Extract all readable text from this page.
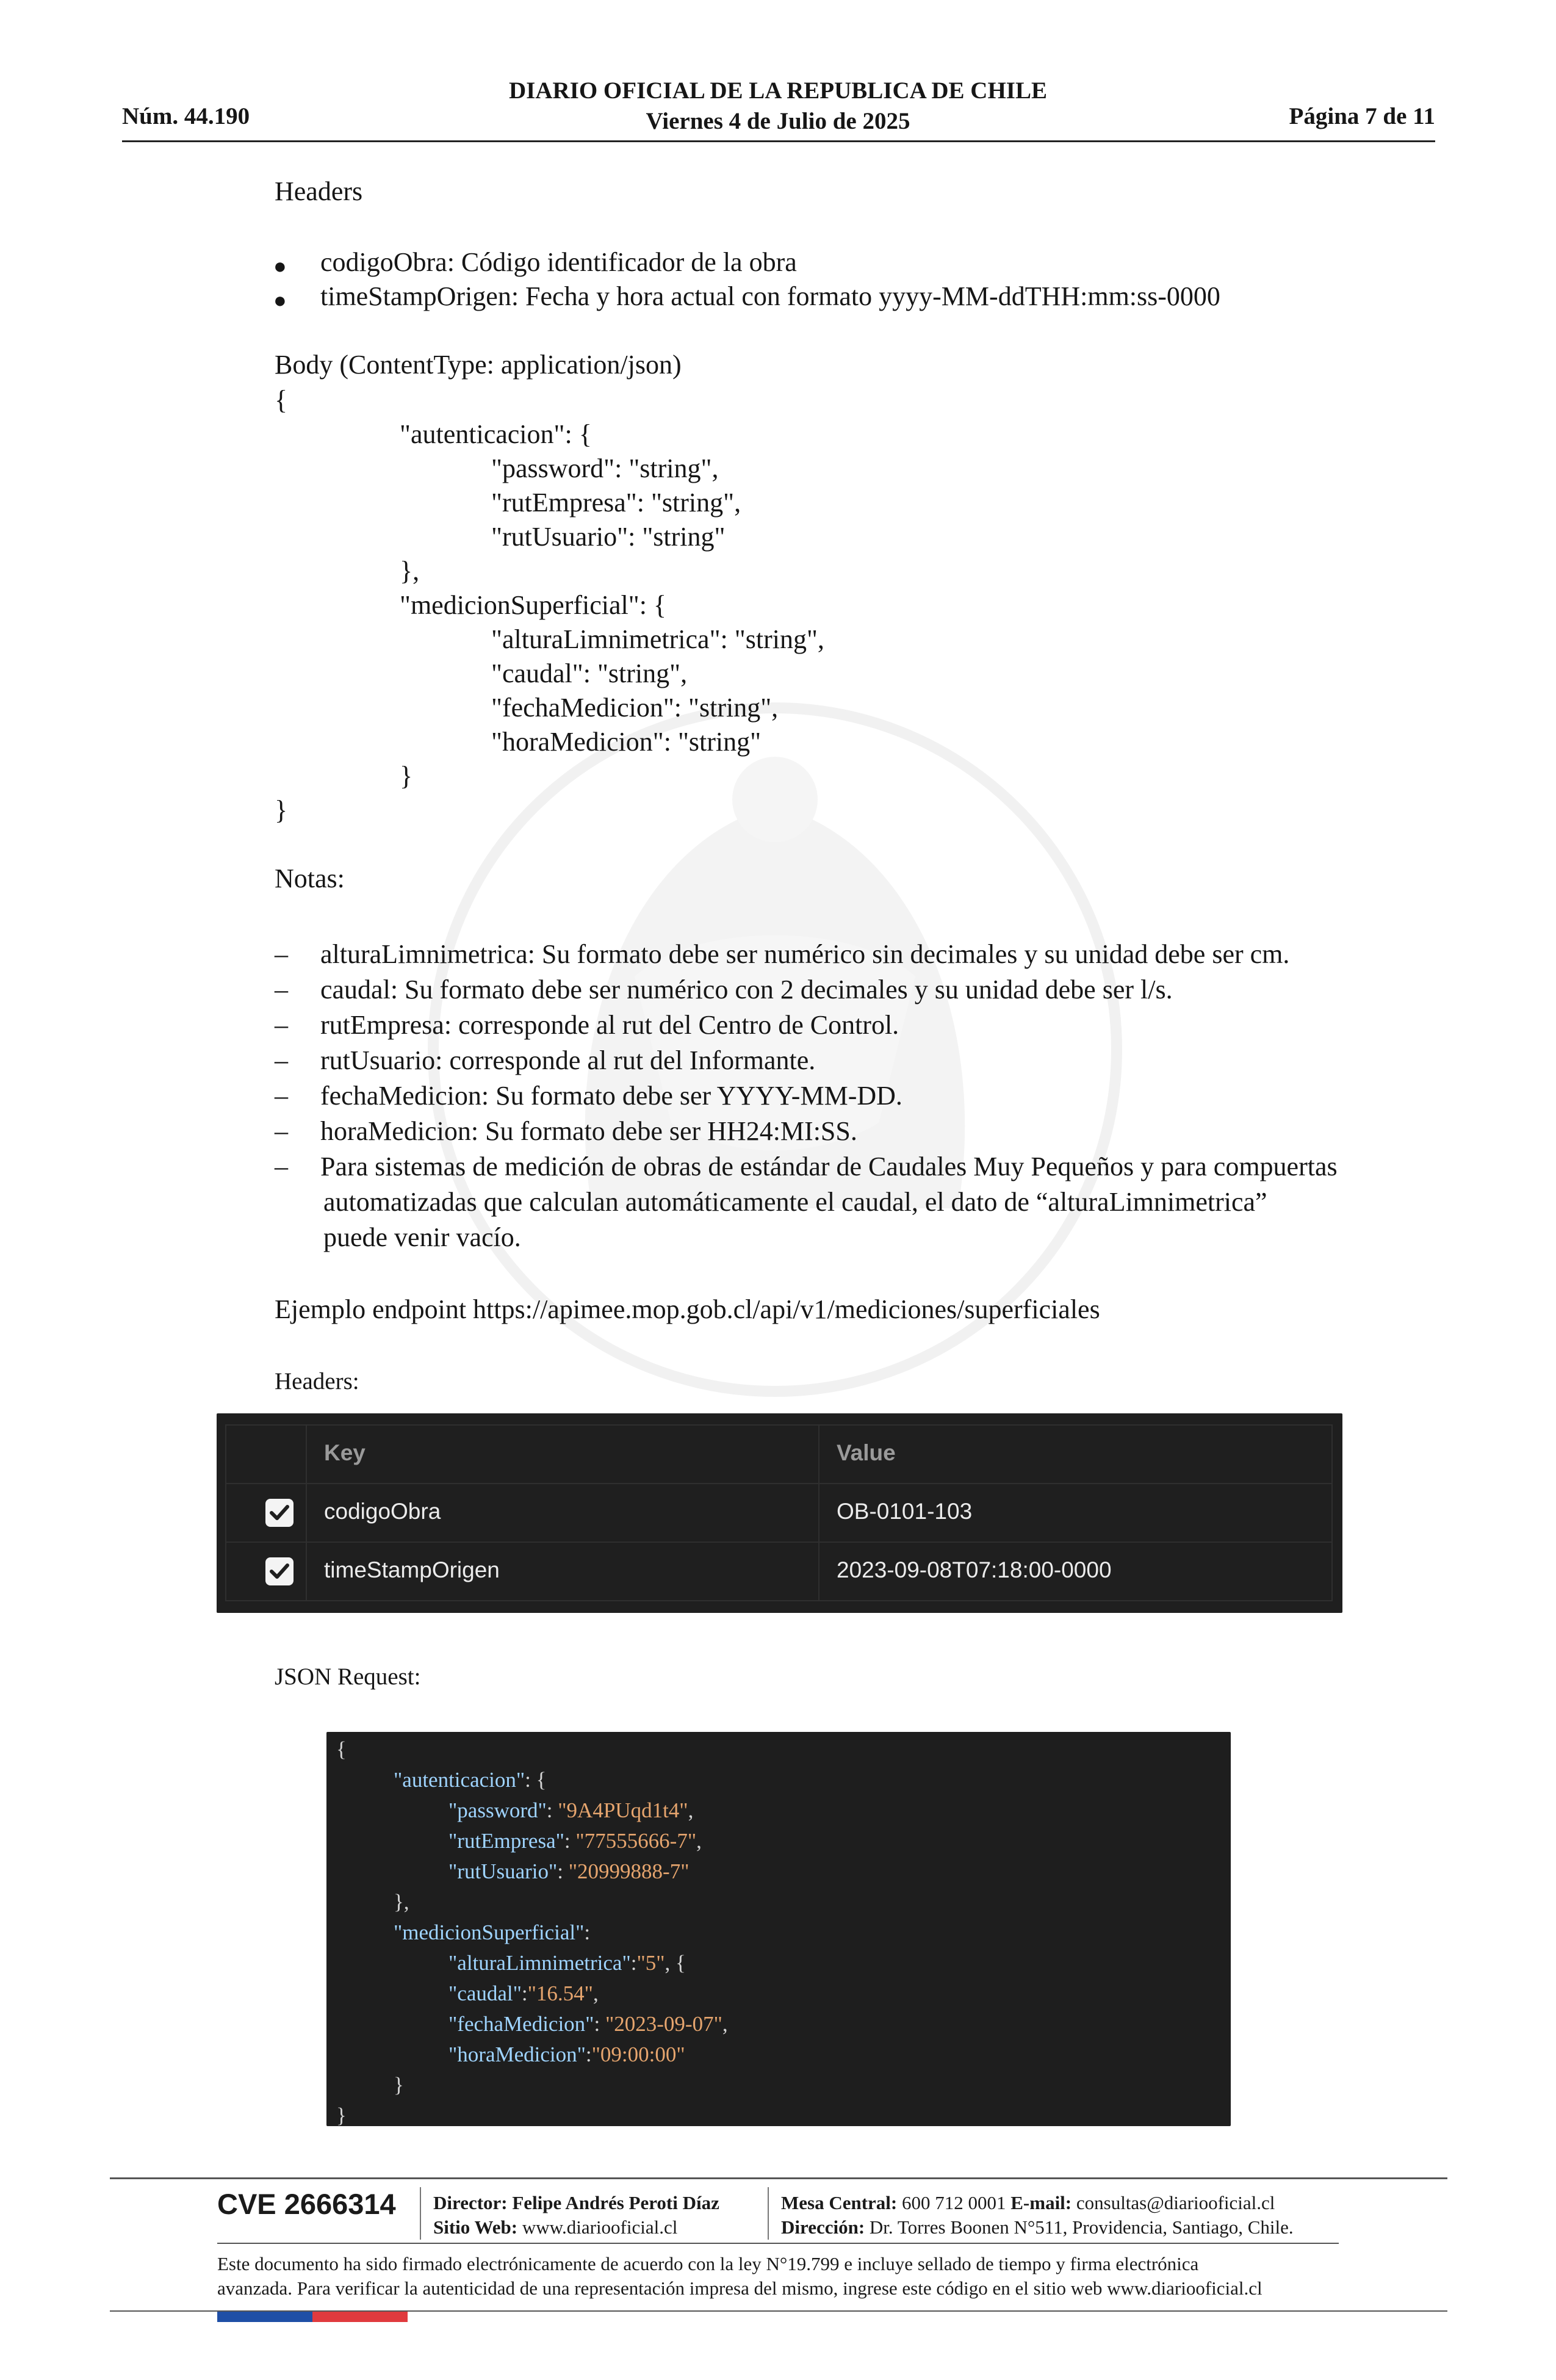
Núm. 44.190
DIARIO OFICIAL DE LA REPUBLICA DE CHILE
Viernes 4 de Julio de 2025	Página 7 de 11
Headers
● codigoObra: Código identificador de la obra
● timeStampOrigen: Fecha y hora actual con formato yyyy-MM-ddTHH:mm:ss-0000
Body (ContentType: application/json)
{
"autenticacion": {
"password": "string",
"rutEmpresa": "string",
"rutUsuario": "string"
},
"medicionSuperficial": {
"alturaLimnimetrica": "string",
"caudal": "string",
"fechaMedicion": "string",
"horaMedicion": "string"
}
}
Notas:
– alturaLimnimetrica: Su formato debe ser numérico sin decimales y su unidad debe ser cm.
– caudal: Su formato debe ser numérico con 2 decimales y su unidad debe ser l/s.
– rutEmpresa: corresponde al rut del Centro de Control.
– rutUsuario: corresponde al rut del Informante.
– fechaMedicion: Su formato debe ser YYYY-MM-DD.
– horaMedicion: Su formato debe ser HH24:MI:SS.
– Para sistemas de medición de obras de estándar de Caudales Muy Pequeños y para compuertas
automatizadas que calculan automáticamente el caudal, el dato de “alturaLimnimetrica”
puede venir vacío.
Ejemplo endpoint https://apimee.mop.gob.cl/api/v1/mediciones/superficiales
Headers:
Key	Value
codigoObra	OB-0101-103
timeStampOrigen	2023-09-08T07:18:00-0000
JSON Request:
{
"autenticacion": {
"password": "9A4PUqd1t4",
"rutEmpresa": "77555666-7",
"rutUsuario": "20999888-7"
},
"medicionSuperficial":
"alturaLimnimetrica":"5", {
"caudal":"16.54",
"fechaMedicion": "2023-09-07",
"horaMedicion":"09:00:00"
}
}
CVE 2666314 Director: Felipe Andrés Peroti Díaz
Sitio Web: www.diariooficial.cl
Mesa Central: 600 712 0001 E-mail: consultas@diariooficial.cl
Dirección: Dr. Torres Boonen N°511, Providencia, Santiago, Chile.
Este documento ha sido firmado electrónicamente de acuerdo con la ley N°19.799 e incluye sellado de tiempo y firma electrónica
avanzada. Para verificar la autenticidad de una representación impresa del mismo, ingrese este código en el sitio web www.diariooficial.cl
